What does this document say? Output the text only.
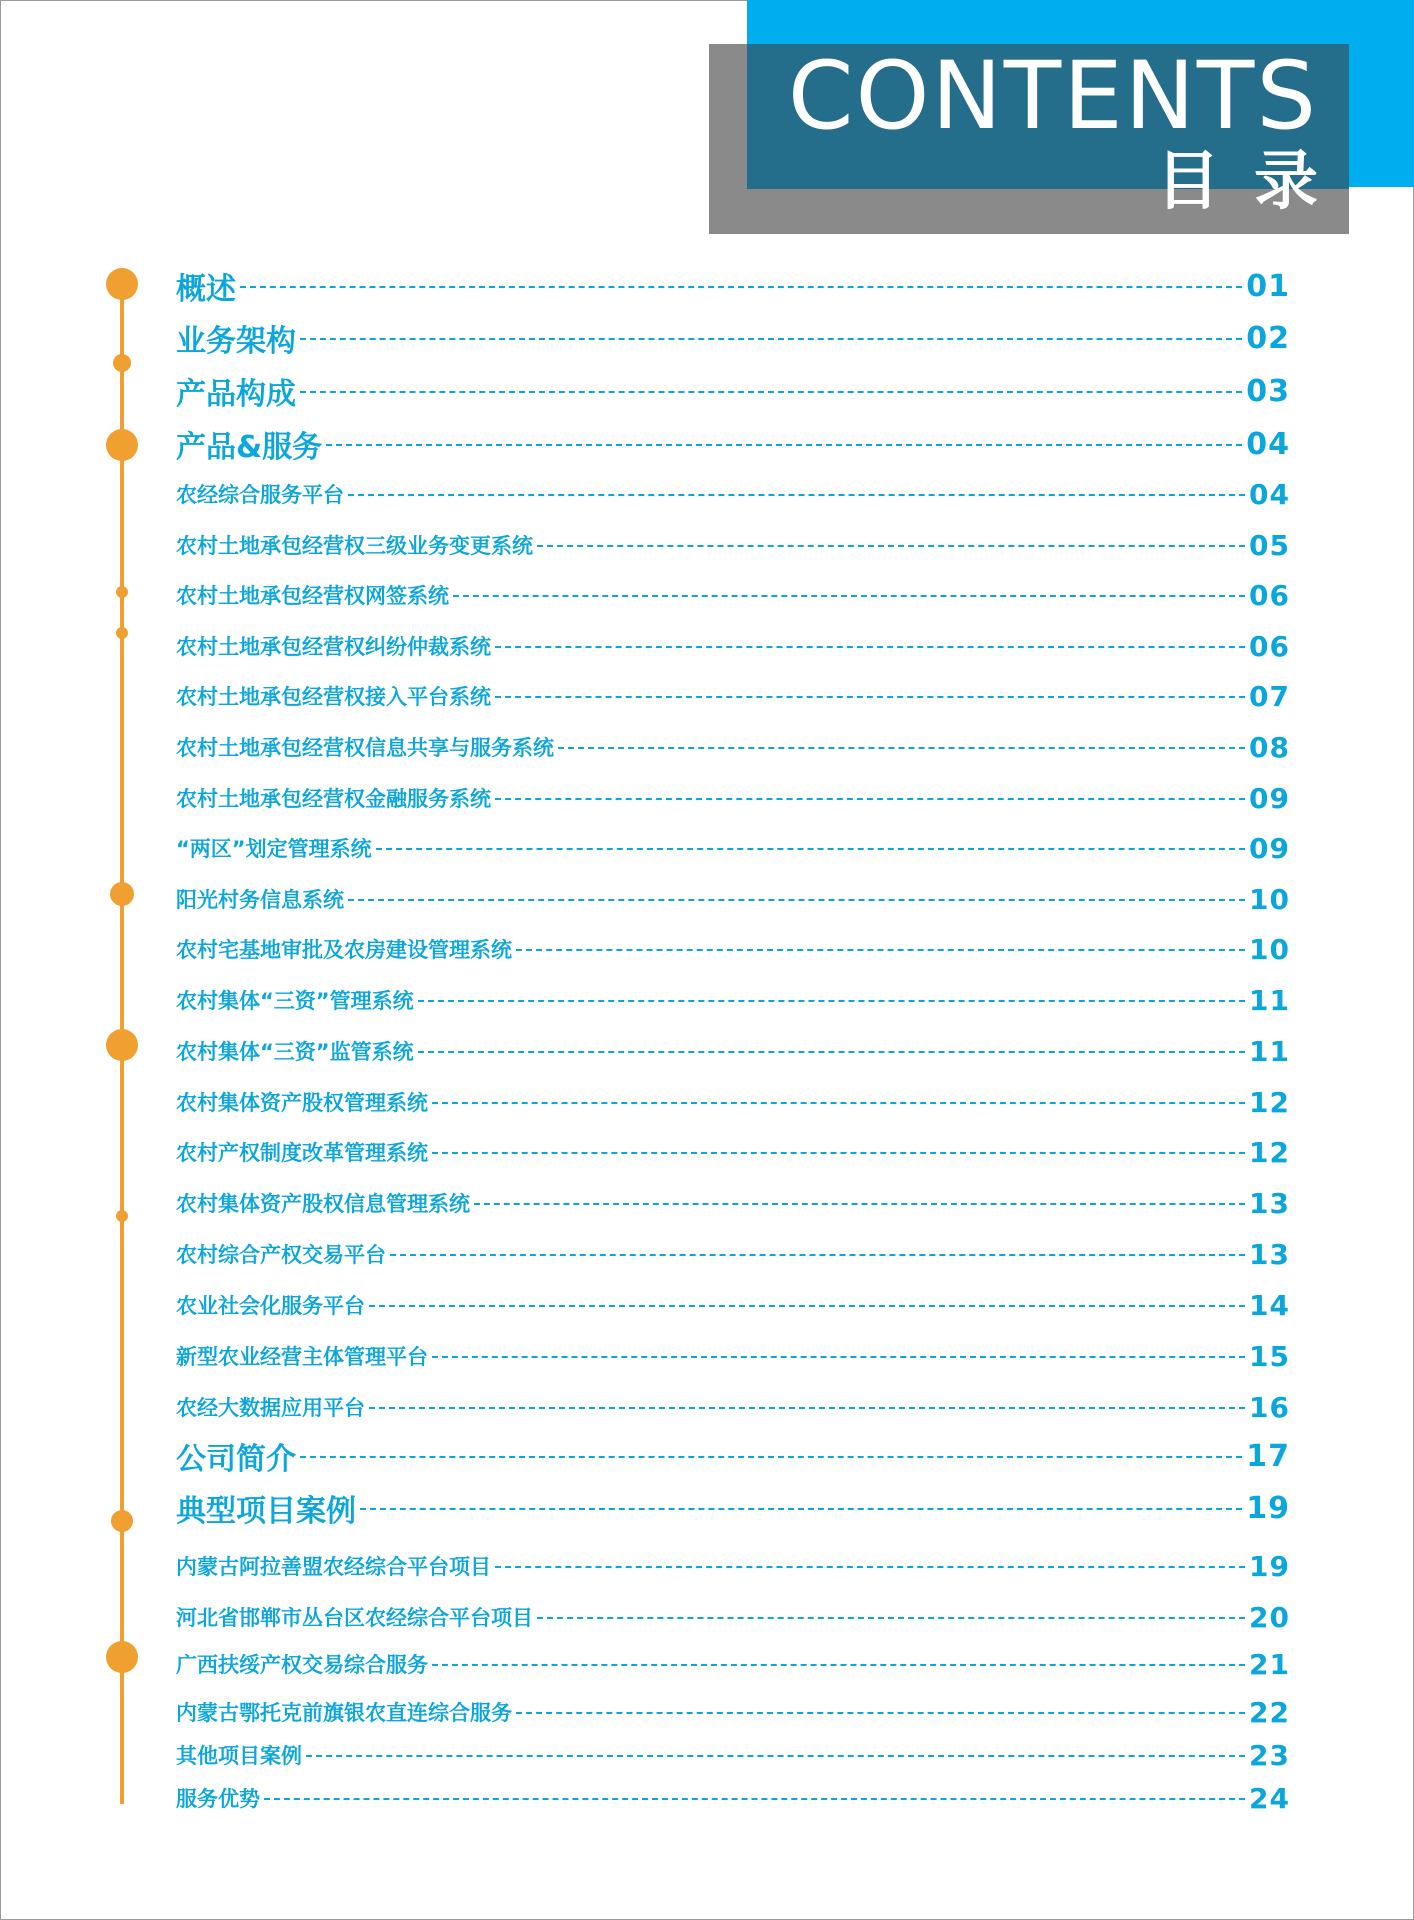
CONTENTS
目录
概述	01
业务架构	02
产品构成	03
产品&服务	04
农经综合服务平台	04
农村土地承包经营权三级业务变更系统	05
农村土地承包经营权网签系统	06
农村土地承包经营权纠纷仲裁系统	06
农村土地承包经营权接入平台系统	07
农村土地承包经营权信息共享与服务系统	08
农村土地承包经营权金融服务系统	09
“两区”划定管理系统	09
阳光村务信息系统	10
农村宅基地审批及农房建设管理系统	10
农村集体“三资”管理系统	11
农村集体“三资”监管系统	11
农村集体资产股权管理系统	12
农村产权制度改革管理系统	12
农村集体资产股权信息管理系统	13
农村综合产权交易平台	13
农业社会化服务平台	14
新型农业经营主体管理平台	15
农经大数据应用平台	16
公司简介	17
典型项目案例	19
内蒙古阿拉善盟农经综合平台项目	19
河北省邯郸市丛台区农经综合平台项目	20
广西扶绥产权交易综合服务	21
内蒙古鄂托克前旗银农直连综合服务	22
其他项目案例	23
服务优势	24
